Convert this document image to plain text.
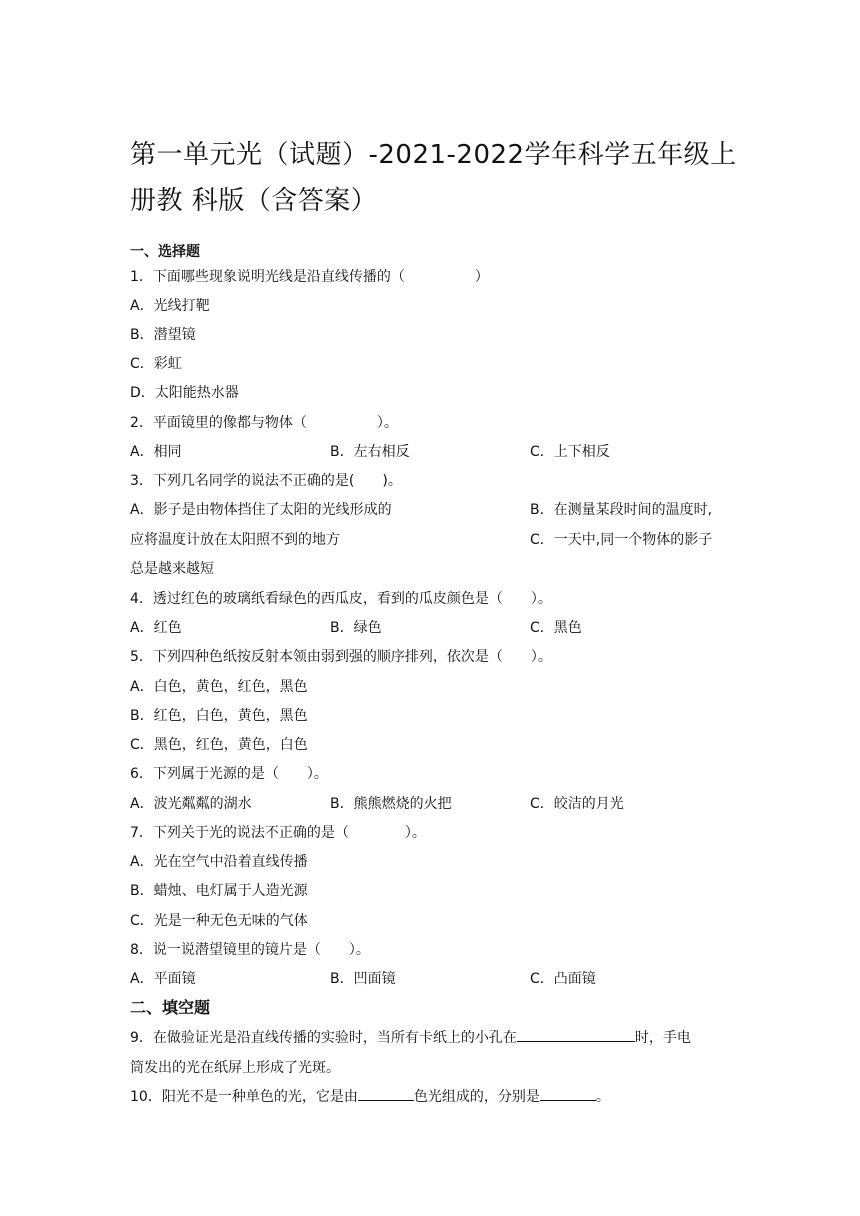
第一单元光（试题）-2021-2022学年科学五年级上册教 科版（含答案）
一、选择题
1．下面哪些现象说明光线是沿直线传播的（　　　　　）
A．光线打靶
B．潜望镜
C．彩虹
D．太阳能热水器
2．平面镜里的像都与物体（　　　　　）。
A．相同	B．左右相反	C．上下相反
3．下列几名同学的说法不正确的是(　　)。
A．影子是由物体挡住了太阳的光线形成的	B．在测量某段时间的温度时,
应将温度计放在太阳照不到的地方	C．一天中,同一个物体的影子
总是越来越短
4．透过红色的玻璃纸看绿色的西瓜皮，看到的瓜皮颜色是（　　）。
A．红色	B．绿色	C．黑色
5．下列四种色纸按反射本领由弱到强的顺序排列，依次是（　　）。
A．白色，黄色，红色，黑色
B．红色，白色，黄色，黑色
C．黑色，红色，黄色，白色
6．下列属于光源的是（　　）。
A．波光粼粼的湖水	B．熊熊燃烧的火把	C．皎洁的月光
7．下列关于光的说法不正确的是（　　　　）。
A．光在空气中沿着直线传播
B．蜡烛、电灯属于人造光源
C．光是一种无色无味的气体
8．说一说潜望镜里的镜片是（　　）。
A．平面镜	B．凹面镜	C．凸面镜
二、填空题
9．在做验证光是沿直线传播的实验时，当所有卡纸上的小孔在	时，手电
筒发出的光在纸屏上形成了光斑。
10．阳光不是一种单色的光，它是由	色光组成的，分别是	。
